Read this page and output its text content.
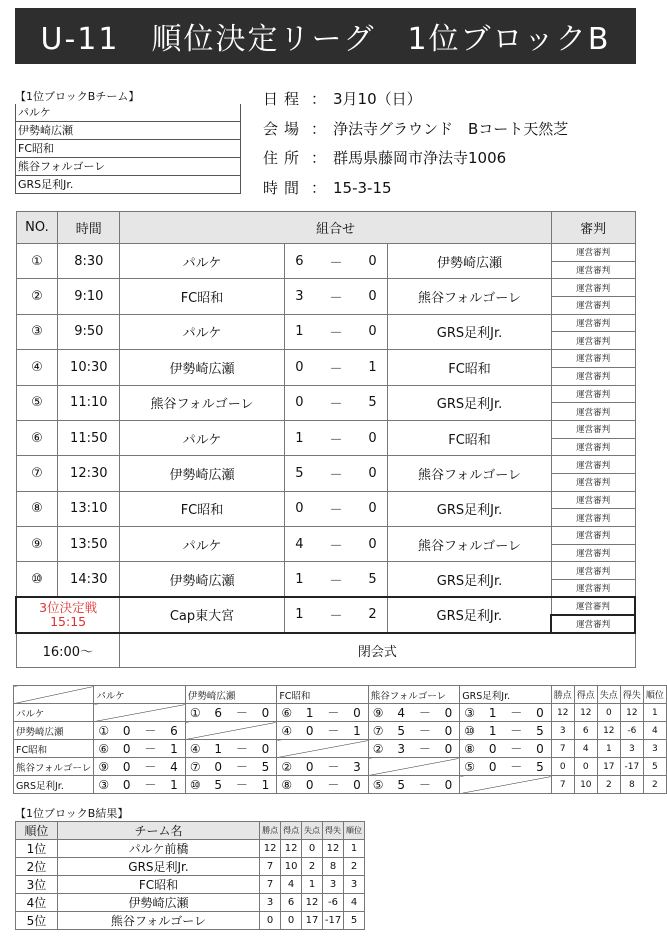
U-11　順位決定リーグ　1位ブロックB
【1位ブロックBチーム】
パルケ
伊勢崎広瀬
FC昭和
熊谷フォルゴーレ
GRS足利Jr.
日程 ： 3月10（日）
会場 ： 浄法寺グラウンド　Bコート天然芝
住所 ： 群馬県藤岡市浄法寺1006
時間 ： 15-3-15
NO.	時間	組合せ					審判
①	8:30	パルケ	6	－	0	伊勢崎広瀬	運営審判
							運営審判
②	9:10	FC昭和	3	－	0	熊谷フォルゴーレ	運営審判
							運営審判
③	9:50	パルケ	1	－	0	GRS足利Jr.	運営審判
							運営審判
④	10:30	伊勢崎広瀬	0	－	1	FC昭和	運営審判
							運営審判
⑤	11:10	熊谷フォルゴーレ	0	－	5	GRS足利Jr.	運営審判
							運営審判
⑥	11:50	パルケ	1	－	0	FC昭和	運営審判
							運営審判
⑦	12:30	伊勢崎広瀬	5	－	0	熊谷フォルゴーレ	運営審判
							運営審判
⑧	13:10	FC昭和	0	－	0	GRS足利Jr.	運営審判
							運営審判
⑨	13:50	パルケ	4	－	0	熊谷フォルゴーレ	運営審判
							運営審判
⑩	14:30	伊勢崎広瀬	1	－	5	GRS足利Jr.	運営審判
							運営審判

3位決定戦
15:15		Cap東大宮	1	－	2	GRS足利Jr.	運営審判
							運営審判
16:00～		閉会式					
	パルケ	伊勢崎広瀬	FC昭和	熊谷フォルゴーレ	GRS足利Jr.	勝点	得点	失点	得失	順位
パルケ		① 6 － 0	⑥ 1 － 0	⑨ 4 － 0	③ 1 － 0	12	12	0	12	1
伊勢崎広瀬	① 0 － 6		④ 0 － 1	⑦ 5 － 0	⑩ 1 － 5	3	6	12	-6	4
FC昭和	⑥ 0 － 1	④ 1 － 0		② 3 － 0	⑧ 0 － 0	7	4	1	3	3
熊谷フォルゴーレ	⑨ 0 － 4	⑦ 0 － 5	② 0 － 3		⑤ 0 － 5	0	0	17	-17	5
GRS足利Jr.	③ 0 － 1	⑩ 5 － 1	⑧ 0 － 0	⑤ 5 － 0		7	10	2	8	2
【1位ブロックB結果】
順位	チーム名	勝点	得点	失点	得失	順位
1位	パルケ前橋	12	12	0	12	1
2位	GRS足利Jr.	7	10	2	8	2
3位	FC昭和	7	4	1	3	3
4位	伊勢崎広瀬	3	6	12	-6	4
5位	熊谷フォルゴーレ	0	0	17	-17	5
